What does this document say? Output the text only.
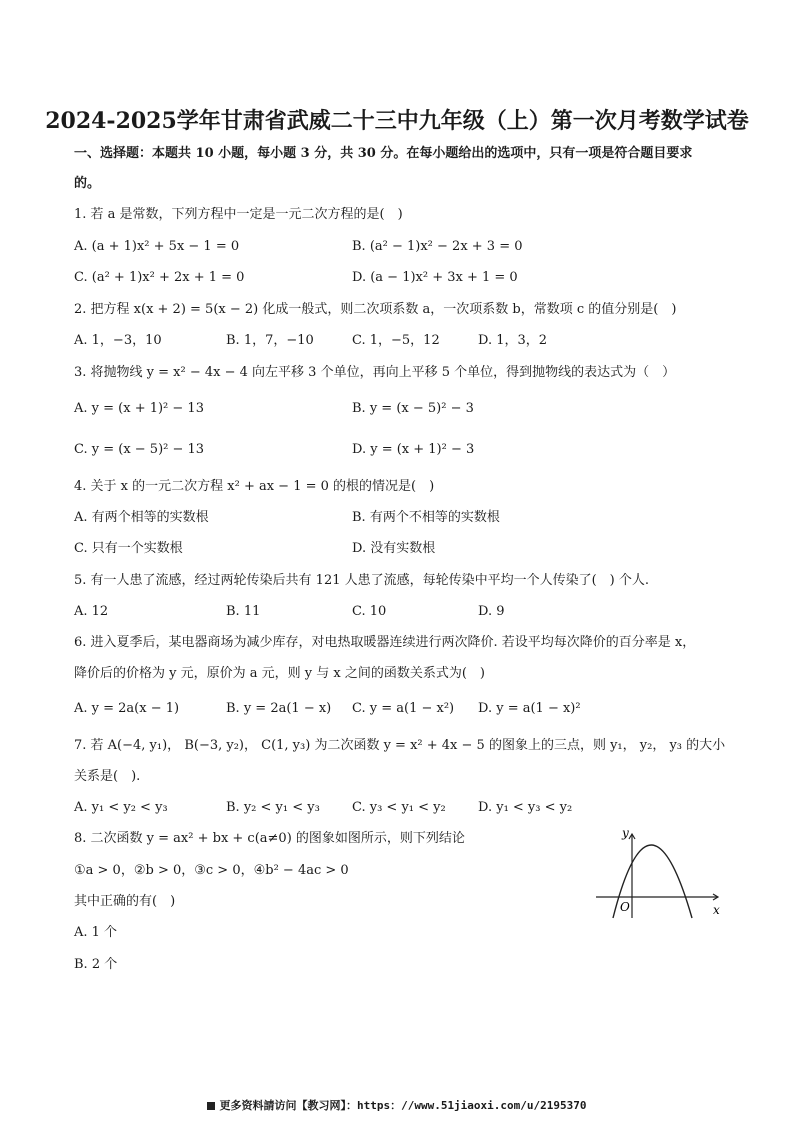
2024-2025学年甘肃省武威二十三中九年级（上）第一次月考数学试卷
一、选择题：本题共 10 小题，每小题 3 分，共 30 分。在每小题给出的选项中，只有一项是符合题目要求
的。
1. 若 a 是常数，下列方程中一定是一元二次方程的是(　)
A. (a + 1)x² + 5x − 1 = 0	B. (a² − 1)x² − 2x + 3 = 0
C. (a² + 1)x² + 2x + 1 = 0	D. (a − 1)x² + 3x + 1 = 0
2. 把方程 x(x + 2) = 5(x − 2) 化成一般式，则二次项系数 a，一次项系数 b，常数项 c 的值分别是(　)
A. 1，−3，10	B. 1，7，−10	C. 1，−5，12	D. 1，3，2
3. 将抛物线 y = x² − 4x − 4 向左平移 3 个单位，再向上平移 5 个单位，得到抛物线的表达式为（　）
A. y = (x + 1)² − 13	B. y = (x − 5)² − 3
C. y = (x − 5)² − 13	D. y = (x + 1)² − 3
4. 关于 x 的一元二次方程 x² + ax − 1 = 0 的根的情况是(　)
A. 有两个相等的实数根	B. 有两个不相等的实数根
C. 只有一个实数根	D. 没有实数根
5. 有一人患了流感，经过两轮传染后共有 121 人患了流感，每轮传染中平均一个人传染了(　) 个人.
A. 12	B. 11	C. 10	D. 9
6. 进入夏季后，某电器商场为减少库存，对电热取暖器连续进行两次降价. 若设平均每次降价的百分率是 x，
降价后的价格为 y 元，原价为 a 元，则 y 与 x 之间的函数关系式为(　)
A. y = 2a(x − 1)	B. y = 2a(1 − x) C. y = a(1 − x²) D. y = a(1 − x)²
7. 若 A(−4, y₁)， B(−3, y₂)， C(1, y₃) 为二次函数 y = x² + 4x − 5 的图象上的三点，则 y₁， y₂， y₃ 的大小
关系是(　).
A. y₁ < y₂ < y₃	B. y₂ < y₁ < y₃ C. y₃ < y₁ < y₂ D. y₁ < y₃ < y₂
8. 二次函数 y = ax² + bx + c(a≠0) 的图象如图所示，则下列结论
①a > 0，②b > 0，③c > 0，④b² − 4ac > 0
其中正确的有(　)
A. 1 个
B. 2 个
y
x
O
更多资料請访问【教习网】：https：//www.51jiaoxi.com/u/2195370
